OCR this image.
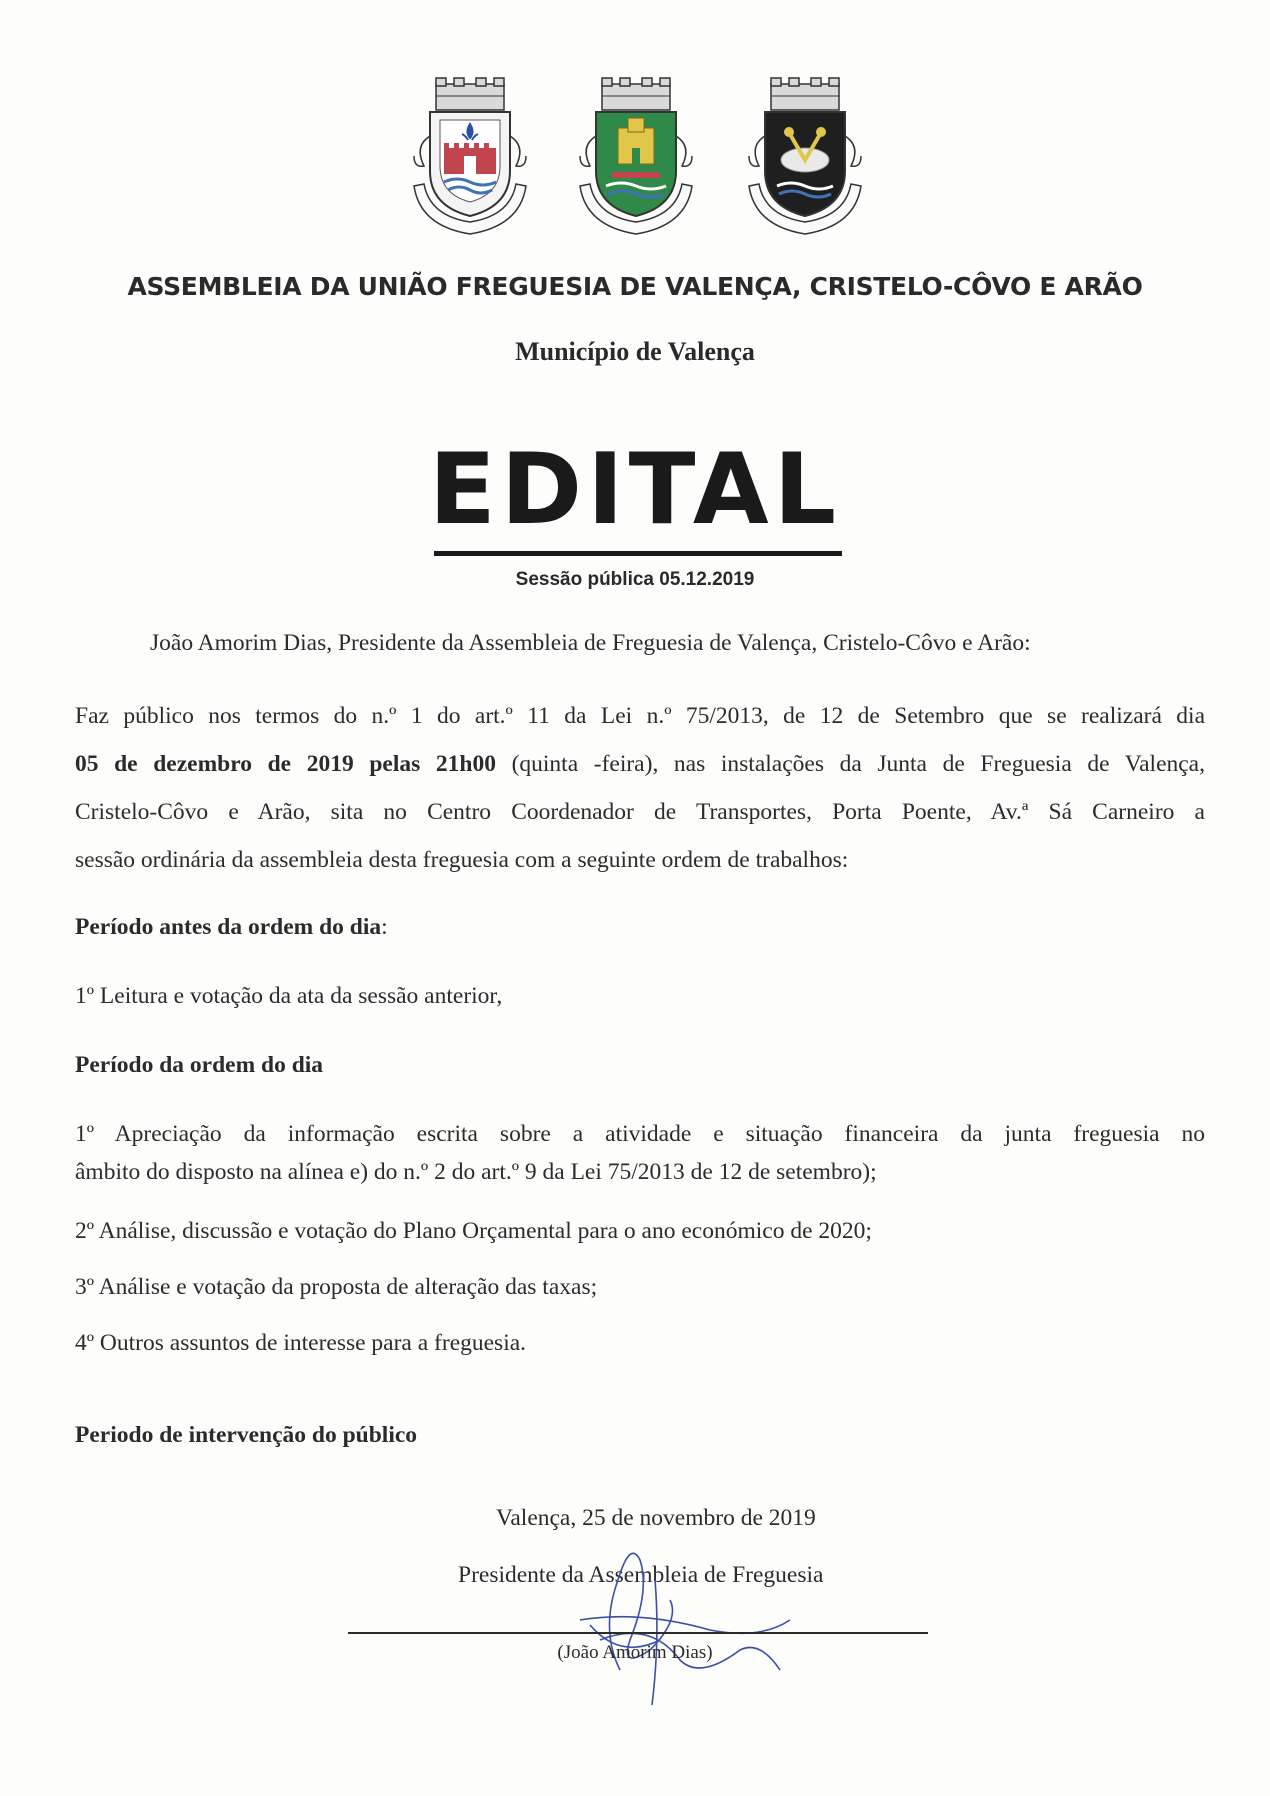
ASSEMBLEIA DA UNIÃO FREGUESIA DE VALENÇA, CRISTELO-CÔVO E ARÃO
Município de Valença
EDITAL
Sessão pública 05.12.2019
João Amorim Dias, Presidente da Assembleia de Freguesia de Valença, Cristelo-Côvo e Arão:
Faz público nos termos do n.º 1 do art.º 11 da Lei n.º 75/2013, de 12 de Setembro que se realizará dia
05 de dezembro de 2019 pelas 21h00 (quinta -feira), nas instalações da Junta de Freguesia de Valença,
Cristelo-Côvo e Arão, sita no Centro Coordenador de Transportes, Porta Poente, Av.ª Sá Carneiro a
sessão ordinária da assembleia desta freguesia com a seguinte ordem de trabalhos:
Período antes da ordem do dia:
1º Leitura e votação da ata da sessão anterior,
Período da ordem do dia
1º Apreciação da informação escrita sobre a atividade e situação financeira da junta freguesia no
âmbito do disposto na alínea e) do n.º 2 do art.º 9 da Lei 75/2013 de 12 de setembro);
2º Análise, discussão e votação do Plano Orçamental para o ano económico de 2020;
3º Análise e votação da proposta de alteração das taxas;
4º Outros assuntos de interesse para a freguesia.
Periodo de intervenção do público
Valença, 25 de novembro de 2019
Presidente da Assembleia de Freguesia
(João Amorim Dias)
